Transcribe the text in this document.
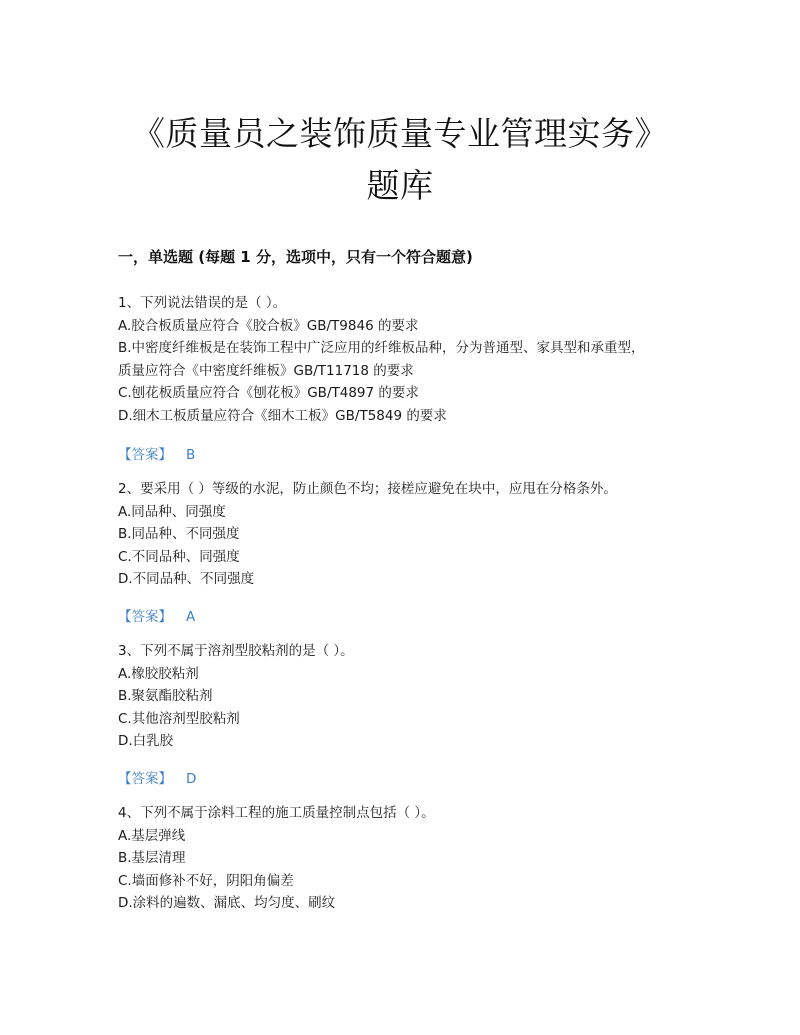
《质量员之装饰质量专业管理实务》
题库
一，单选题 (每题 1 分，选项中，只有一个符合题意)
1、下列说法错误的是（ ）。
A.胶合板质量应符合《胶合板》GB/T9846 的要求
B.中密度纤维板是在装饰工程中广泛应用的纤维板品种，分为普通型、家具型和承重型，
质量应符合《中密度纤维板》GB/T11718 的要求
C.刨花板质量应符合《刨花板》GB/T4897 的要求
D.细木工板质量应符合《细木工板》GB/T5849 的要求
【答案】 B
2、要采用（ ）等级的水泥，防止颜色不均；接槎应避免在块中，应甩在分格条外。
A.同品种、同强度
B.同品种、不同强度
C.不同品种、同强度
D.不同品种、不同强度
【答案】 A
3、下列不属于溶剂型胶粘剂的是（ ）。
A.橡胶胶粘剂
B.聚氨酯胶粘剂
C.其他溶剂型胶粘剂
D.白乳胶
【答案】 D
4、下列不属于涂料工程的施工质量控制点包括（ ）。
A.基层弹线
B.基层清理
C.墙面修补不好，阴阳角偏差
D.涂料的遍数、漏底、均匀度、刷纹
